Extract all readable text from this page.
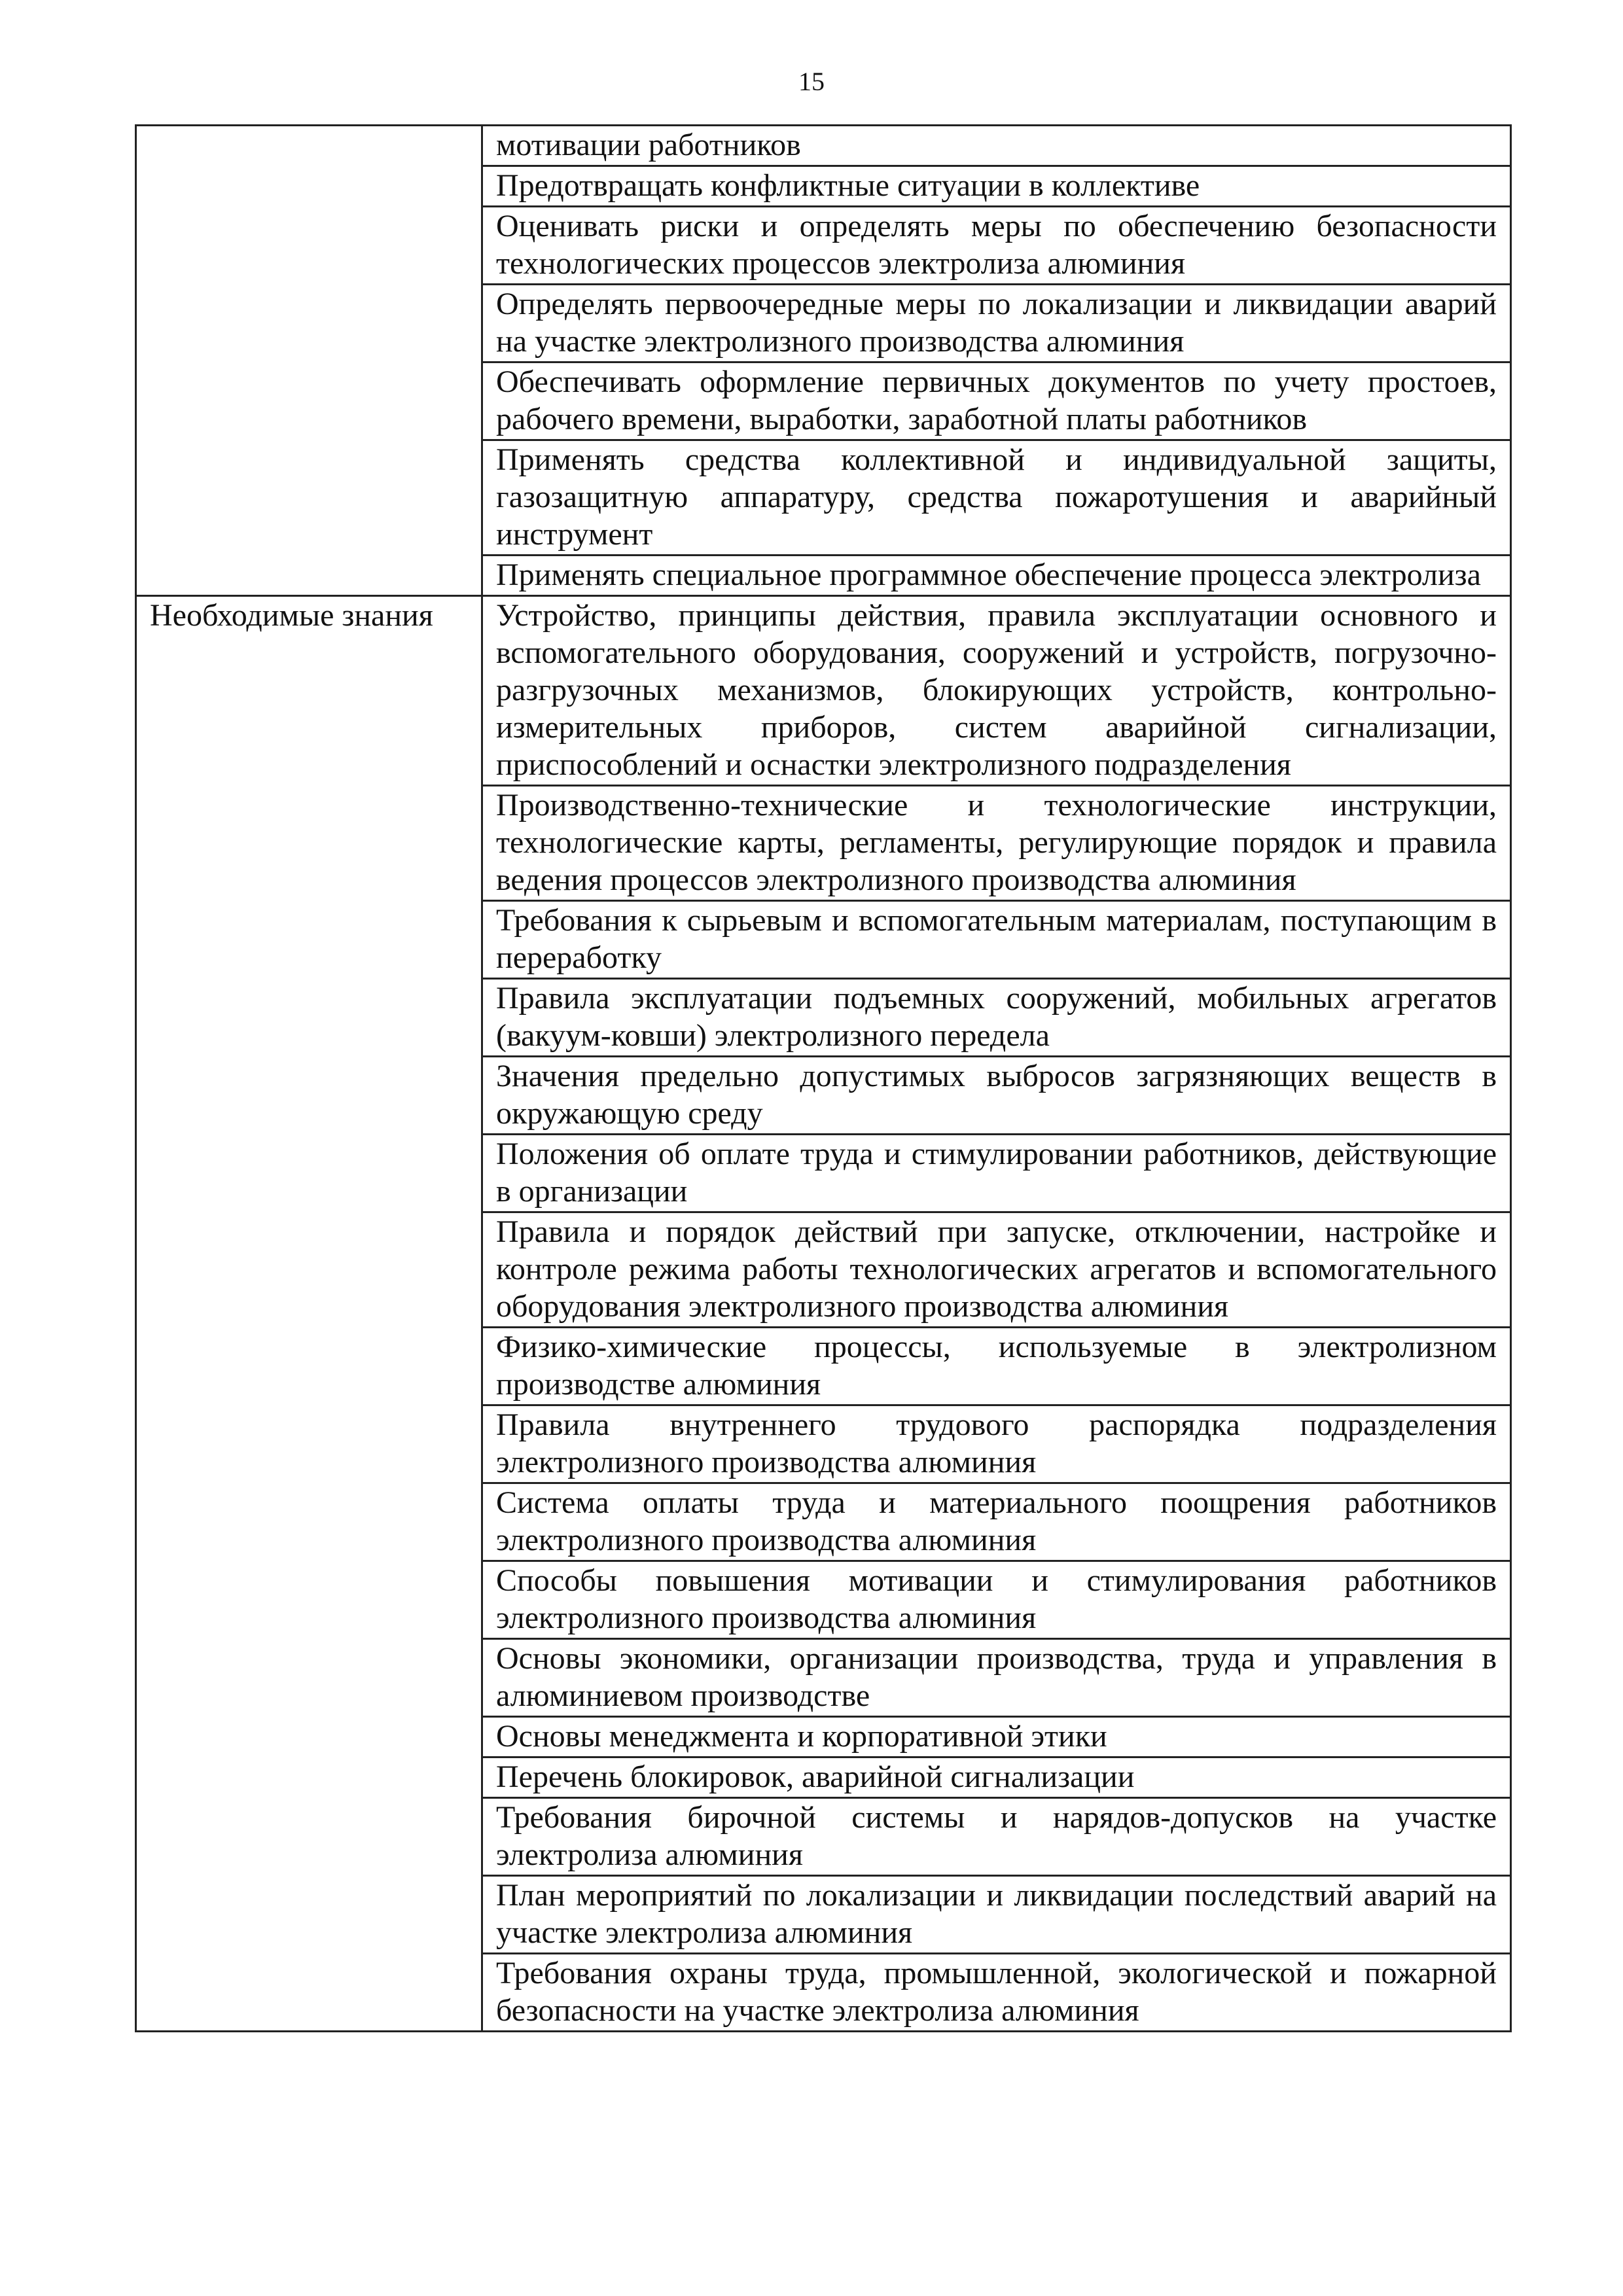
15
	мотивации работников
	Предотвращать конфликтные ситуации в коллективе
	Оценивать риски и определять меры по обеспечению безопасности технологических процессов электролиза алюминия
	Определять первоочередные меры по локализации и ликвидации аварий на участке электролизного производства алюминия
	Обеспечивать оформление первичных документов по учету простоев, рабочего времени, выработки, заработной платы работников
	Применять средства коллективной и индивидуальной защиты, газозащитную аппаратуру, средства пожаротушения и аварийный инструмент
	Применять специальное программное обеспечение процесса электролиза
Необходимые знания	Устройство, принципы действия, правила эксплуатации основного и вспомогательного оборудования, сооружений и устройств, погрузочно-разгрузочных механизмов, блокирующих устройств, контрольно-измерительных приборов, систем аварийной сигнализации, приспособлений и оснастки электролизного подразделения
	Производственно-технические и технологические инструкции, технологические карты, регламенты, регулирующие порядок и правила ведения процессов электролизного производства алюминия
	Требования к сырьевым и вспомогательным материалам, поступающим в переработку
	Правила эксплуатации подъемных сооружений, мобильных агрегатов (вакуум-ковши) электролизного передела
	Значения предельно допустимых выбросов загрязняющих веществ в окружающую среду
	Положения об оплате труда и стимулировании работников, действующие в организации
	Правила и порядок действий при запуске, отключении, настройке и контроле режима работы технологических агрегатов и вспомогательного оборудования электролизного производства алюминия
	Физико-химические процессы, используемые в электролизном производстве алюминия
	Правила внутреннего трудового распорядка подразделения электролизного производства алюминия
	Система оплаты труда и материального поощрения работников электролизного производства алюминия
	Способы повышения мотивации и стимулирования работников электролизного производства алюминия
	Основы экономики, организации производства, труда и управления в алюминиевом производстве
	Основы менеджмента и корпоративной этики
	Перечень блокировок, аварийной сигнализации
	Требования бирочной системы и нарядов-допусков на участке электролиза алюминия
	План мероприятий по локализации и ликвидации последствий аварий на участке электролиза алюминия
	Требования охраны труда, промышленной, экологической и пожарной безопасности на участке электролиза алюминия
